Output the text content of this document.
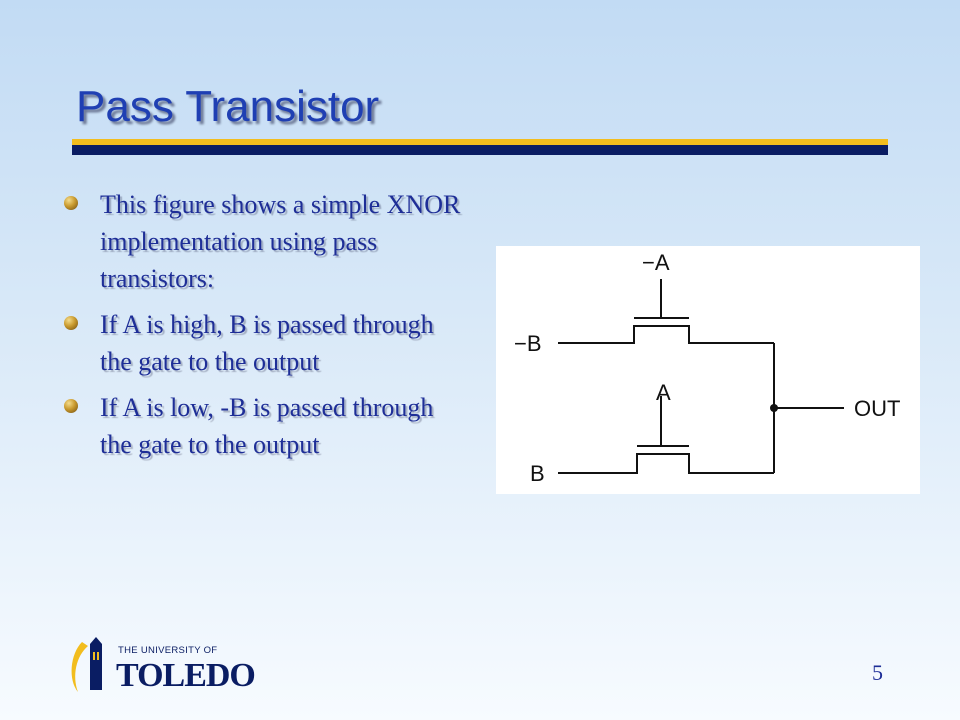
Pass Transistor
This figure shows a simple XNOR implementation using pass transistors:
If A is high, B is passed through the gate to the output
If A is low, -B is passed through the gate to the output
−A
−B
A
B
OUT
THE UNIVERSITY OF
TOLEDO	5
